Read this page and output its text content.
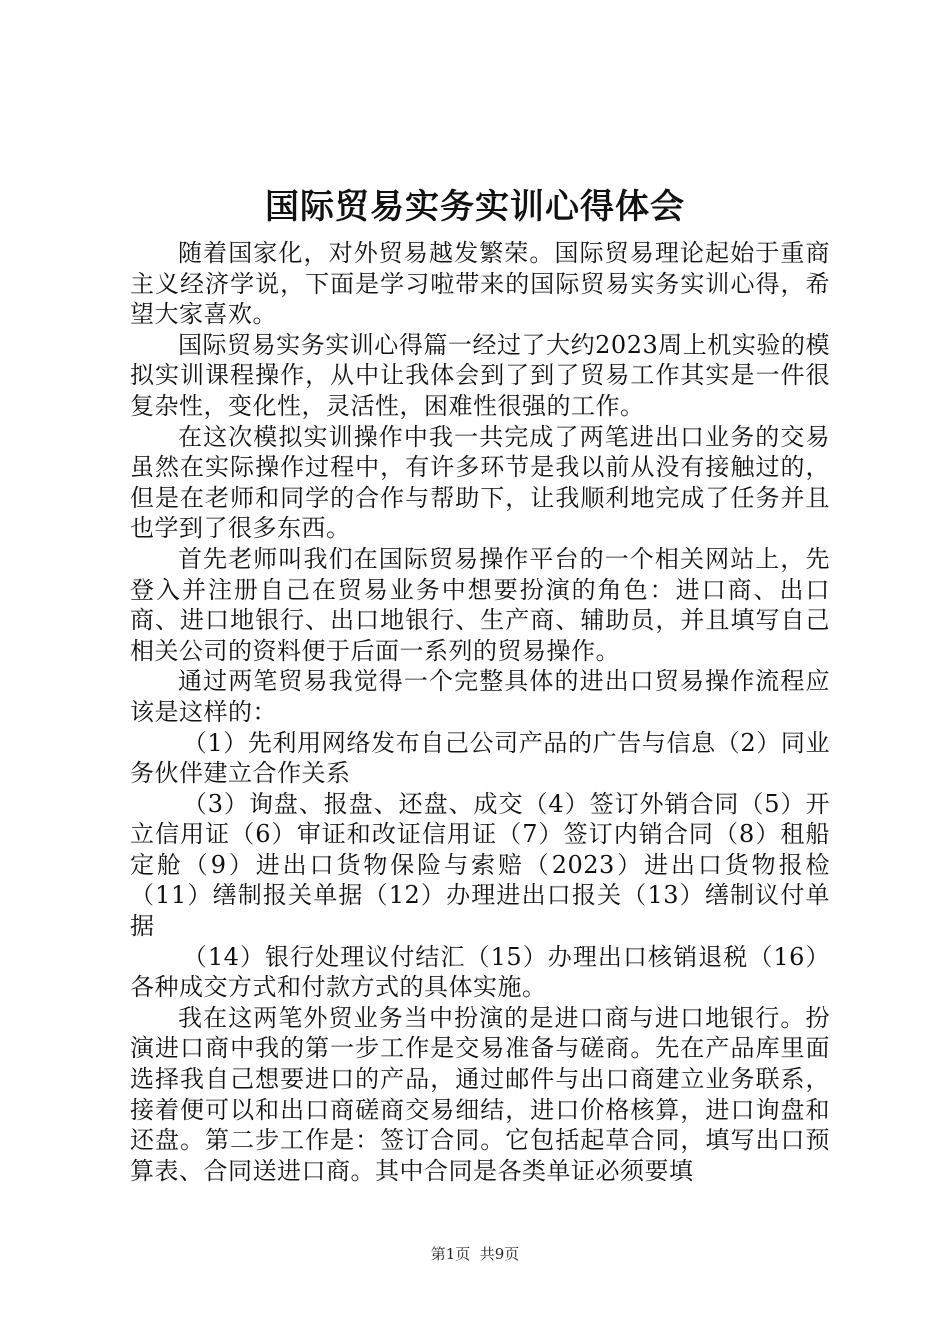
国际贸易实务实训心得体会

随着国家化，对外贸易越发繁荣。国际贸易理论起始于重商主义经济学说，下面是学习啦带来的国际贸易实务实训心得，希望大家喜欢。

国际贸易实务实训心得篇一经过了大约2023周上机实验的模拟实训课程操作，从中让我体会到了到了贸易工作其实是一件很复杂性，变化性，灵活性，困难性很强的工作。

在这次模拟实训操作中我一共完成了两笔进出口业务的交易虽然在实际操作过程中，有许多环节是我以前从没有接触过的，但是在老师和同学的合作与帮助下，让我顺利地完成了任务并且也学到了很多东西。

首先老师叫我们在国际贸易操作平台的一个相关网站上，先登入并注册自己在贸易业务中想要扮演的角色：进口商、出口商、进口地银行、出口地银行、生产商、辅助员，并且填写自己相关公司的资料便于后面一系列的贸易操作。

通过两笔贸易我觉得一个完整具体的进出口贸易操作流程应该是这样的：

（1）先利用网络发布自己公司产品的广告与信息（2）同业务伙伴建立合作关系

（3）询盘、报盘、还盘、成交（4）签订外销合同（5）开立信用证（6）审证和改证信用证（7）签订内销合同（8）租船定舱（9）进出口货物保险与索赔（2023）进出口货物报检（11）缮制报关单据（12）办理进出口报关（13）缮制议付单据

（14）银行处理议付结汇（15）办理出口核销退税（16）各种成交方式和付款方式的具体实施。

我在这两笔外贸业务当中扮演的是进口商与进口地银行。扮演进口商中我的第一步工作是交易准备与磋商。先在产品库里面选择我自己想要进口的产品，通过邮件与出口商建立业务联系，接着便可以和出口商磋商交易细结，进口价格核算，进口询盘和还盘。第二步工作是：签订合同。它包括起草合同，填写出口预算表、合同送进口商。其中合同是各类单证必须要填

第1页  共9页
